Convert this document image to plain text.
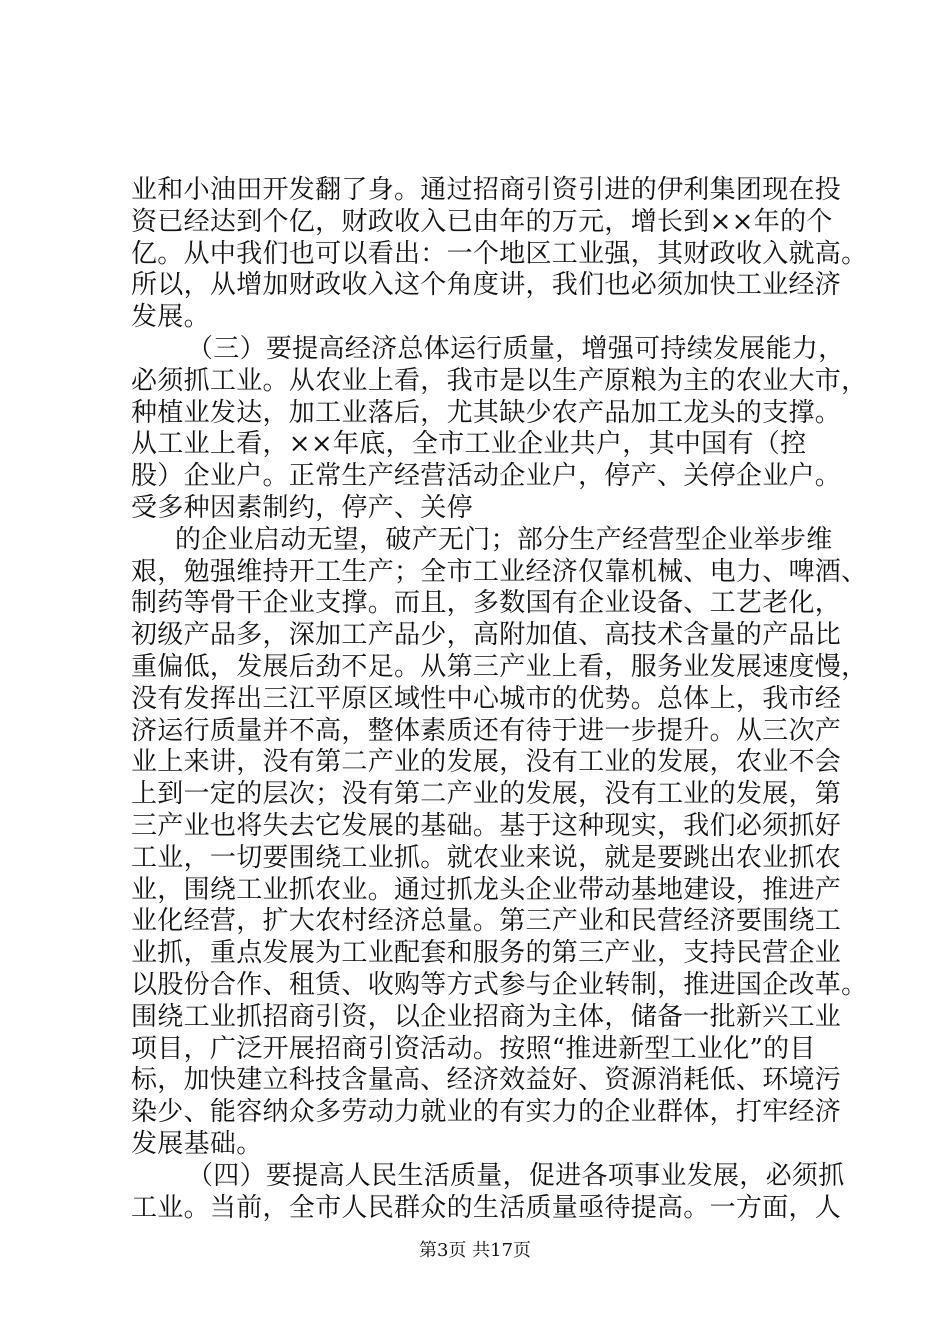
业和小油田开发翻了身。通过招商引资引进的伊利集团现在投
资已经达到个亿，财政收入已由年的万元，增长到××年的个
亿。从中我们也可以看出：一个地区工业强，其财政收入就高。
所以，从增加财政收入这个角度讲，我们也必须加快工业经济
发展。
（三）要提高经济总体运行质量，增强可持续发展能力，
必须抓工业。从农业上看，我市是以生产原粮为主的农业大市，
种植业发达，加工业落后，尤其缺少农产品加工龙头的支撑。
从工业上看，××年底，全市工业企业共户，其中国有（控
股）企业户。正常生产经营活动企业户，停产、关停企业户。
受多种因素制约，停产、关停
的企业启动无望，破产无门；部分生产经营型企业举步维
艰，勉强维持开工生产；全市工业经济仅靠机械、电力、啤酒、
制药等骨干企业支撑。而且，多数国有企业设备、工艺老化，
初级产品多，深加工产品少，高附加值、高技术含量的产品比
重偏低，发展后劲不足。从第三产业上看，服务业发展速度慢，
没有发挥出三江平原区域性中心城市的优势。总体上，我市经
济运行质量并不高，整体素质还有待于进一步提升。从三次产
业上来讲，没有第二产业的发展，没有工业的发展，农业不会
上到一定的层次；没有第二产业的发展，没有工业的发展，第
三产业也将失去它发展的基础。基于这种现实，我们必须抓好
工业，一切要围绕工业抓。就农业来说，就是要跳出农业抓农
业，围绕工业抓农业。通过抓龙头企业带动基地建设，推进产
业化经营，扩大农村经济总量。第三产业和民营经济要围绕工
业抓，重点发展为工业配套和服务的第三产业，支持民营企业
以股份合作、租赁、收购等方式参与企业转制，推进国企改革。
围绕工业抓招商引资，以企业招商为主体，储备一批新兴工业
项目，广泛开展招商引资活动。按照“推进新型工业化”的目
标，加快建立科技含量高、经济效益好、资源消耗低、环境污
染少、能容纳众多劳动力就业的有实力的企业群体，打牢经济
发展基础。
（四）要提高人民生活质量，促进各项事业发展，必须抓
工业。当前，全市人民群众的生活质量亟待提高。一方面，人
第3页 共17页
